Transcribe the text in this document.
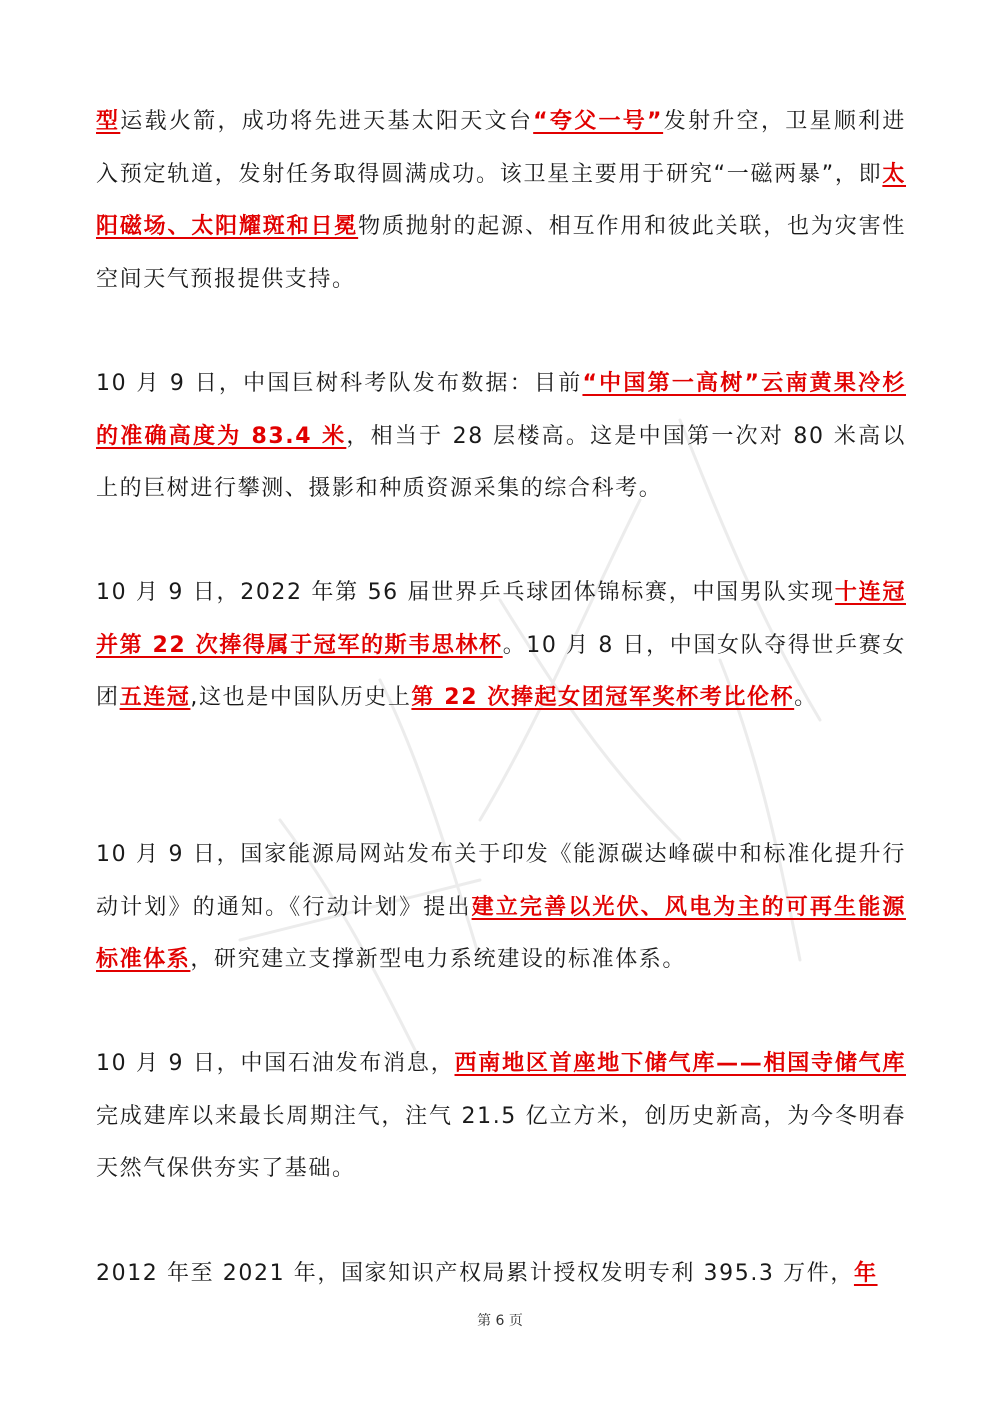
型运载火箭，成功将先进天基太阳天文台“夸父一号”发射升空，卫星顺利进入预定轨道，发射任务取得圆满成功。该卫星主要用于研究“一磁两暴”，即太阳磁场、太阳耀斑和日冕物质抛射的起源、相互作用和彼此关联，也为灾害性空间天气预报提供支持。

10 月 9 日，中国巨树科考队发布数据：目前“中国第一高树”云南黄果冷杉的准确高度为 83.4 米，相当于 28 层楼高。这是中国第一次对 80 米高以上的巨树进行攀测、摄影和种质资源采集的综合科考。

10 月 9 日，2022 年第 56 届世界乒乓球团体锦标赛，中国男队实现十连冠并第 22 次捧得属于冠军的斯韦思林杯。10 月 8 日，中国女队夺得世乒赛女团五连冠,这也是中国队历史上第 22 次捧起女团冠军奖杯考比伦杯。

10 月 9 日，国家能源局网站发布关于印发《能源碳达峰碳中和标准化提升行动计划》的通知。《行动计划》提出建立完善以光伏、风电为主的可再生能源标准体系，研究建立支撑新型电力系统建设的标准体系。

10 月 9 日，中国石油发布消息，西南地区首座地下储气库——相国寺储气库完成建库以来最长周期注气，注气 21.5 亿立方米，创历史新高，为今冬明春天然气保供夯实了基础。

2012 年至 2021 年，国家知识产权局累计授权发明专利 395.3 万件，年

第 6 页
